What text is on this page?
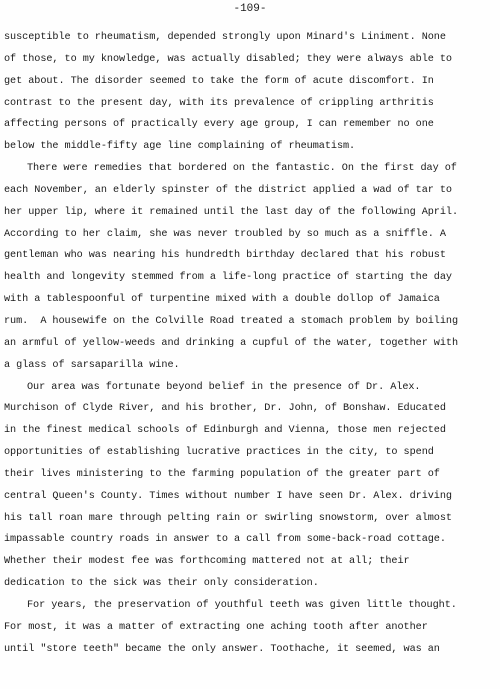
-109-
susceptible to rheumatism, depended strongly upon Minard's Liniment. None
of those, to my knowledge, was actually disabled; they were always able to
get about. The disorder seemed to take the form of acute discomfort. In
contrast to the present day, with its prevalence of crippling arthritis
affecting persons of practically every age group, I can remember no one
below the middle-fifty age line complaining of rheumatism.
There were remedies that bordered on the fantastic. On the first day of
each November, an elderly spinster of the district applied a wad of tar to
her upper lip, where it remained until the last day of the following April.
According to her claim, she was never troubled by so much as a sniffle. A
gentleman who was nearing his hundredth birthday declared that his robust
health and longevity stemmed from a life-long practice of starting the day
with a tablespoonful of turpentine mixed with a double dollop of Jamaica
rum.  A housewife on the Colville Road treated a stomach problem by boiling
an armful of yellow-weeds and drinking a cupful of the water, together with
a glass of sarsaparilla wine.
Our area was fortunate beyond belief in the presence of Dr. Alex.
Murchison of Clyde River, and his brother, Dr. John, of Bonshaw. Educated
in the finest medical schools of Edinburgh and Vienna, those men rejected
opportunities of establishing lucrative practices in the city, to spend
their lives ministering to the farming population of the greater part of
central Queen's County. Times without number I have seen Dr. Alex. driving
his tall roan mare through pelting rain or swirling snowstorm, over almost
impassable country roads in answer to a call from some-back-road cottage.
Whether their modest fee was forthcoming mattered not at all; their
dedication to the sick was their only consideration.
For years, the preservation of youthful teeth was given little thought.
For most, it was a matter of extracting one aching tooth after another
until "store teeth" became the only answer. Toothache, it seemed, was an
